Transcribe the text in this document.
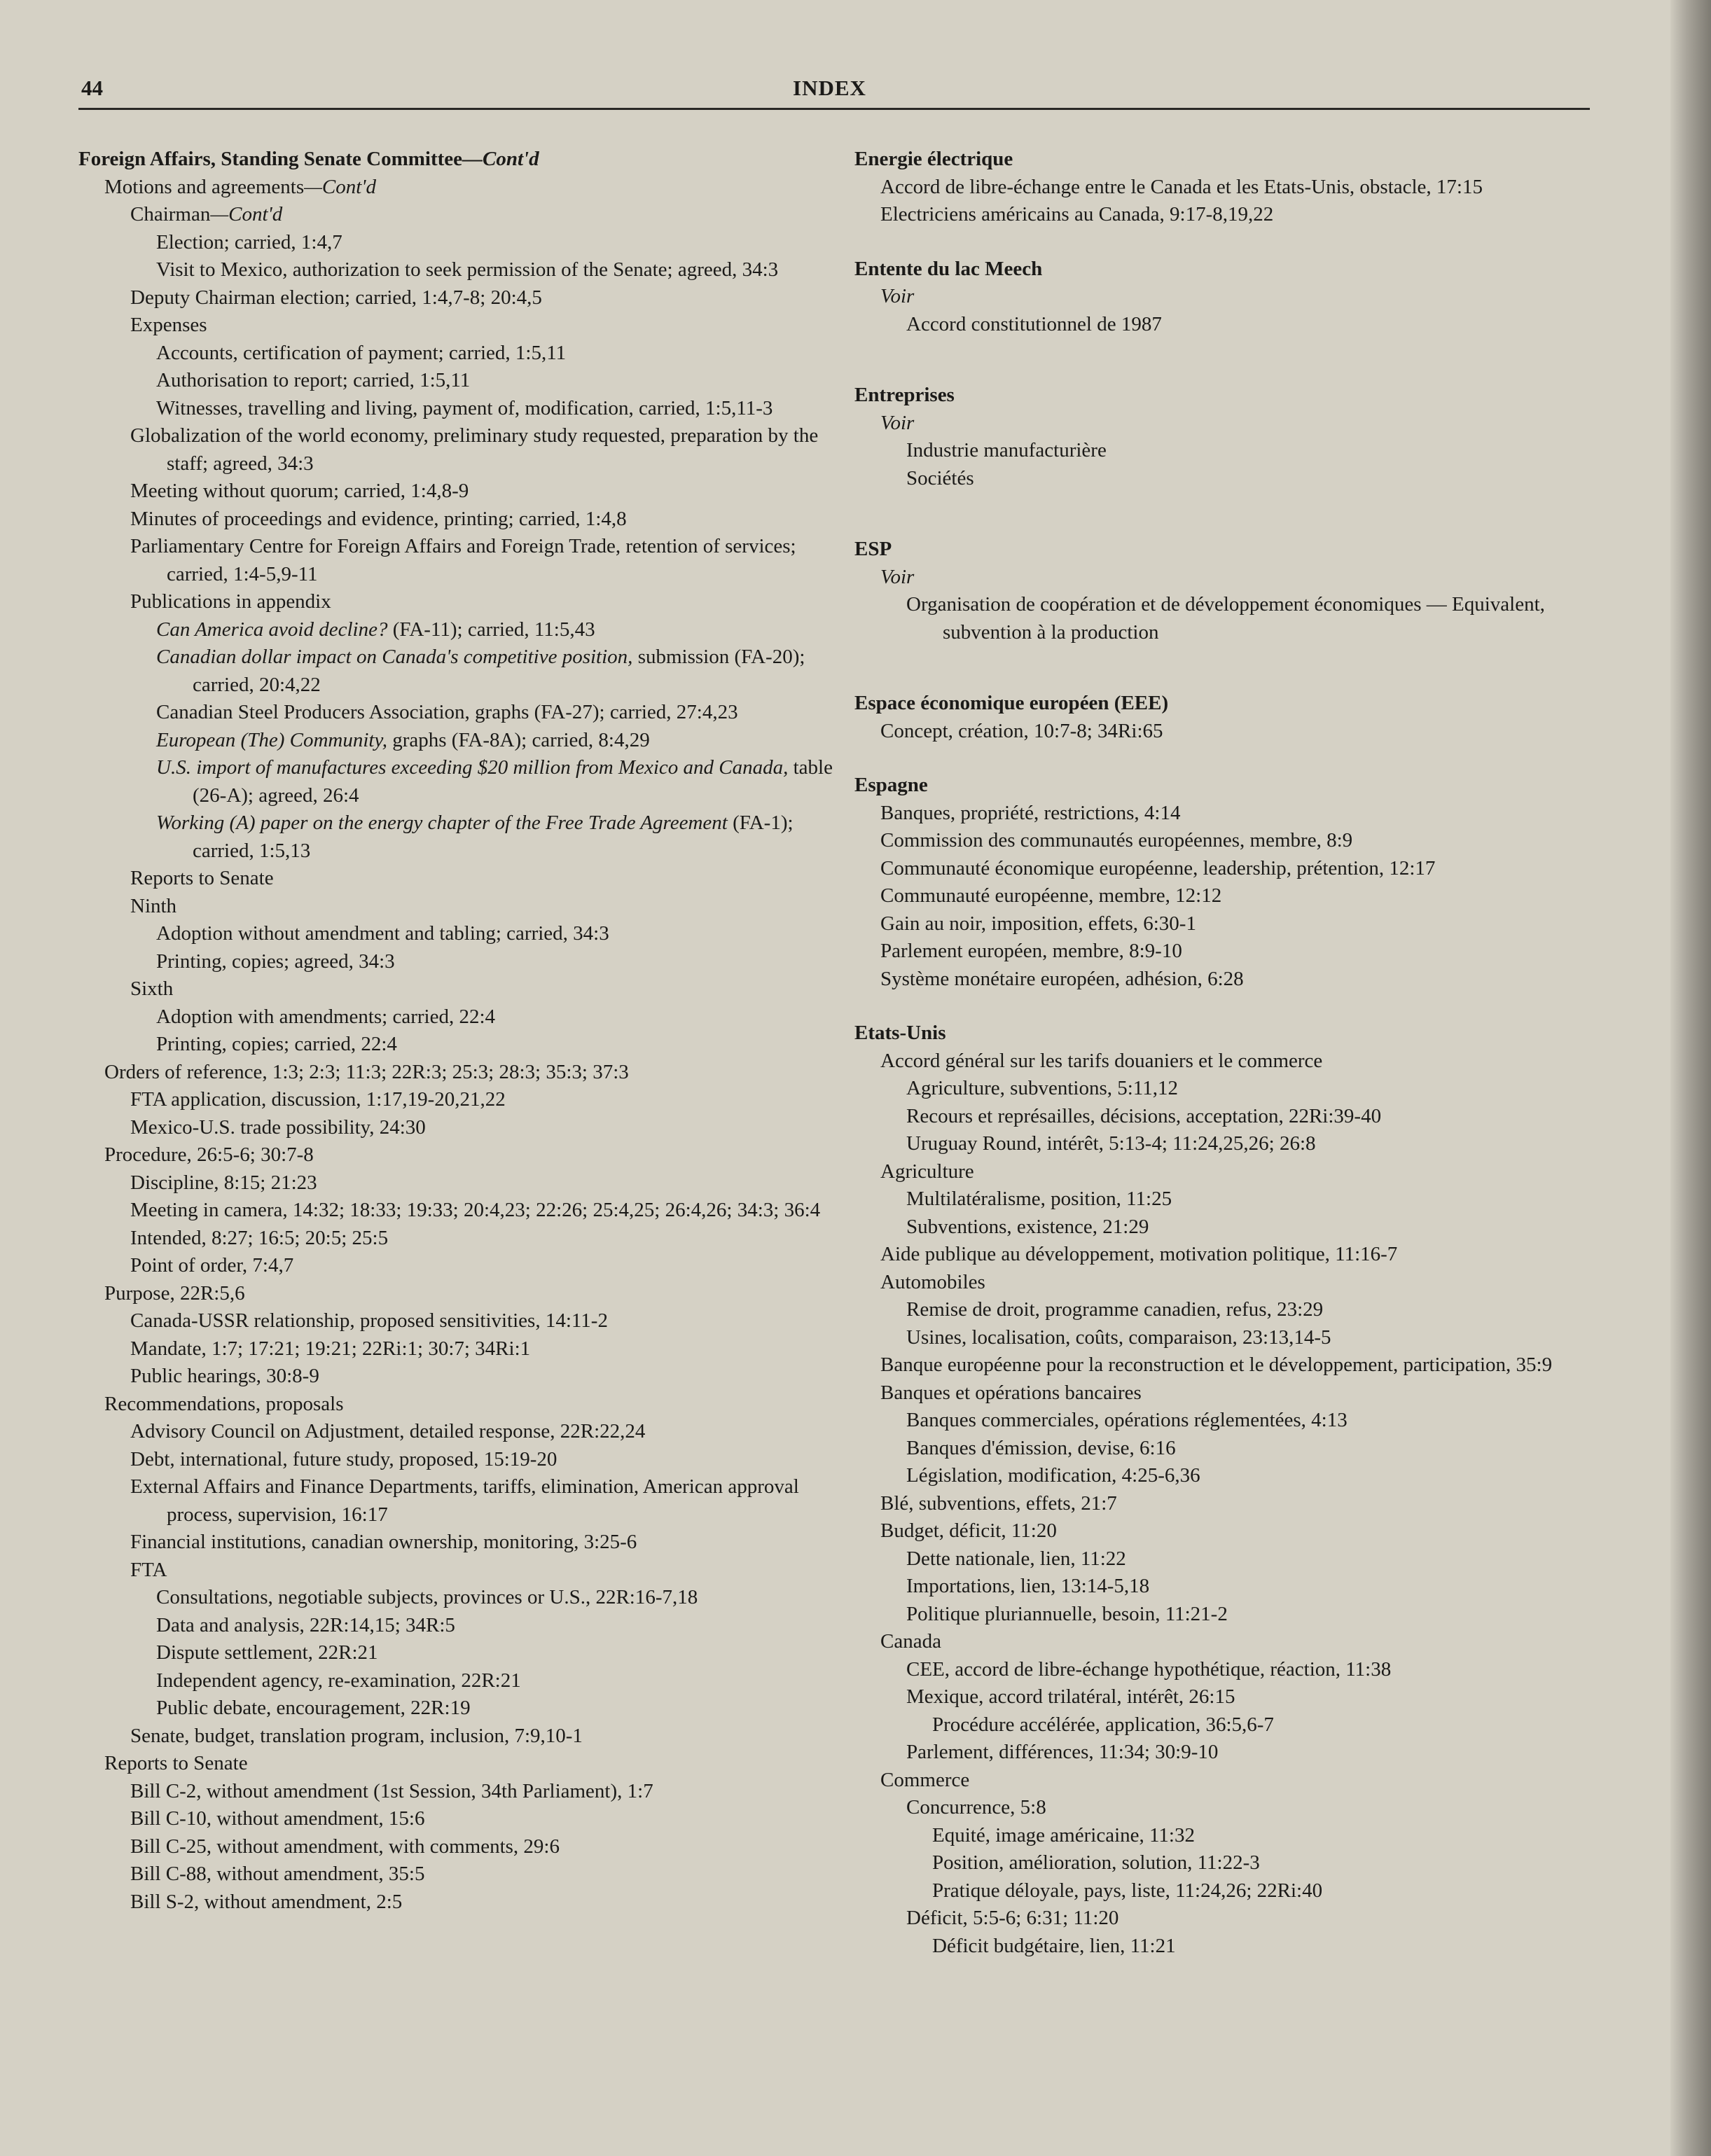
44	INDEX
Foreign Affairs, Standing Senate Committee—Cont'd
Motions and agreements—Cont'd
Chairman—Cont'd
Election; carried, 1:4,7
Visit to Mexico, authorization to seek permission of the Senate; agreed, 34:3
Deputy Chairman election; carried, 1:4,7-8; 20:4,5
Expenses
Accounts, certification of payment; carried, 1:5,11
Authorisation to report; carried, 1:5,11
Witnesses, travelling and living, payment of, modification, carried, 1:5,11-3
Globalization of the world economy, preliminary study requested, preparation by the staff; agreed, 34:3
Meeting without quorum; carried, 1:4,8-9
Minutes of proceedings and evidence, printing; carried, 1:4,8
Parliamentary Centre for Foreign Affairs and Foreign Trade, retention of services; carried, 1:4-5,9-11
Publications in appendix
Can America avoid decline? (FA-11); carried, 11:5,43
Canadian dollar impact on Canada's competitive position, submission (FA-20); carried, 20:4,22
Canadian Steel Producers Association, graphs (FA-27); carried, 27:4,23
European (The) Community, graphs (FA-8A); carried, 8:4,29
U.S. import of manufactures exceeding $20 million from Mexico and Canada, table (26-A); agreed, 26:4
Working (A) paper on the energy chapter of the Free Trade Agreement (FA-1); carried, 1:5,13
Reports to Senate
Ninth
Adoption without amendment and tabling; carried, 34:3
Printing, copies; agreed, 34:3
Sixth
Adoption with amendments; carried, 22:4
Printing, copies; carried, 22:4
Orders of reference, 1:3; 2:3; 11:3; 22R:3; 25:3; 28:3; 35:3; 37:3
FTA application, discussion, 1:17,19-20,21,22
Mexico-U.S. trade possibility, 24:30
Procedure, 26:5-6; 30:7-8
Discipline, 8:15; 21:23
Meeting in camera, 14:32; 18:33; 19:33; 20:4,23; 22:26; 25:4,25; 26:4,26; 34:3; 36:4
Intended, 8:27; 16:5; 20:5; 25:5
Point of order, 7:4,7
Purpose, 22R:5,6
Canada-USSR relationship, proposed sensitivities, 14:11-2
Mandate, 1:7; 17:21; 19:21; 22Ri:1; 30:7; 34Ri:1
Public hearings, 30:8-9
Recommendations, proposals
Advisory Council on Adjustment, detailed response, 22R:22,24
Debt, international, future study, proposed, 15:19-20
External Affairs and Finance Departments, tariffs, elimination, American approval process, supervision, 16:17
Financial institutions, canadian ownership, monitoring, 3:25-6
FTA
Consultations, negotiable subjects, provinces or U.S., 22R:16-7,18
Data and analysis, 22R:14,15; 34R:5
Dispute settlement, 22R:21
Independent agency, re-examination, 22R:21
Public debate, encouragement, 22R:19
Senate, budget, translation program, inclusion, 7:9,10-1
Reports to Senate
Bill C-2, without amendment (1st Session, 34th Parliament), 1:7
Bill C-10, without amendment, 15:6
Bill C-25, without amendment, with comments, 29:6
Bill C-88, without amendment, 35:5
Bill S-2, without amendment, 2:5
Energie électrique
Accord de libre-échange entre le Canada et les Etats-Unis, obstacle, 17:15
Electriciens américains au Canada, 9:17-8,19,22
Entente du lac Meech
Voir
Accord constitutionnel de 1987
Entreprises
Voir
Industrie manufacturière
Sociétés
ESP
Voir
Organisation de coopération et de développement économiques — Equivalent, subvention à la production
Espace économique européen (EEE)
Concept, création, 10:7-8; 34Ri:65
Espagne
Banques, propriété, restrictions, 4:14
Commission des communautés européennes, membre, 8:9
Communauté économique européenne, leadership, prétention, 12:17
Communauté européenne, membre, 12:12
Gain au noir, imposition, effets, 6:30-1
Parlement européen, membre, 8:9-10
Système monétaire européen, adhésion, 6:28
Etats-Unis
Accord général sur les tarifs douaniers et le commerce
Agriculture, subventions, 5:11,12
Recours et représailles, décisions, acceptation, 22Ri:39-40
Uruguay Round, intérêt, 5:13-4; 11:24,25,26; 26:8
Agriculture
Multilatéralisme, position, 11:25
Subventions, existence, 21:29
Aide publique au développement, motivation politique, 11:16-7
Automobiles
Remise de droit, programme canadien, refus, 23:29
Usines, localisation, coûts, comparaison, 23:13,14-5
Banque européenne pour la reconstruction et le développement, participation, 35:9
Banques et opérations bancaires
Banques commerciales, opérations réglementées, 4:13
Banques d'émission, devise, 6:16
Législation, modification, 4:25-6,36
Blé, subventions, effets, 21:7
Budget, déficit, 11:20
Dette nationale, lien, 11:22
Importations, lien, 13:14-5,18
Politique pluriannuelle, besoin, 11:21-2
Canada
CEE, accord de libre-échange hypothétique, réaction, 11:38
Mexique, accord trilatéral, intérêt, 26:15
Procédure accélérée, application, 36:5,6-7
Parlement, différences, 11:34; 30:9-10
Commerce
Concurrence, 5:8
Equité, image américaine, 11:32
Position, amélioration, solution, 11:22-3
Pratique déloyale, pays, liste, 11:24,26; 22Ri:40
Déficit, 5:5-6; 6:31; 11:20
Déficit budgétaire, lien, 11:21
